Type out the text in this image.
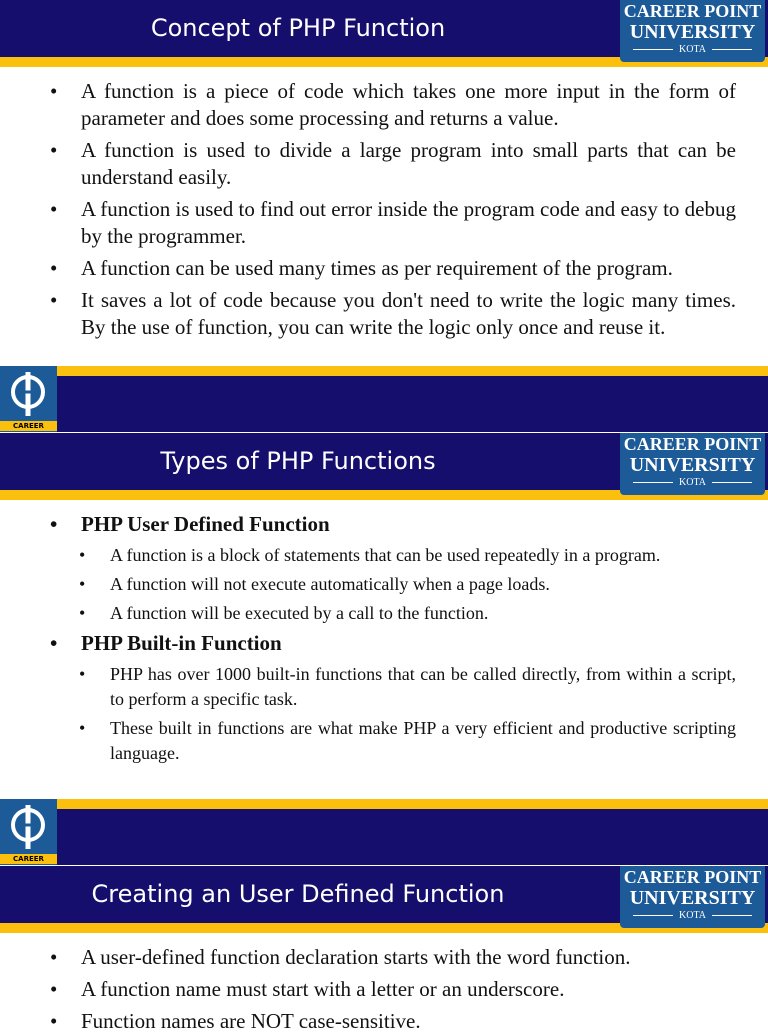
Concept of PHP Function
CAREER POINT
UNIVERSITY
KOTA
• A function is a piece of code which takes one more input in the form of parameter and does some processing and returns a value.
• A function is used to divide a large program into small parts that can be understand easily.
• A function is used to find out error inside the program code and easy to debug by the programmer.
• A function can be used many times as per requirement of the program.
• It saves a lot of code because you don't need to write the logic many times. By the use of function, you can write the logic only once and reuse it.
CAREER
Types of PHP Functions
CAREER POINT
UNIVERSITY
KOTA
• PHP User Defined Function
• A function is a block of statements that can be used repeatedly in a program.
• A function will not execute automatically when a page loads.
• A function will be executed by a call to the function.
• PHP Built-in Function
• PHP has over 1000 built-in functions that can be called directly, from within a script, to perform a specific task.
• These built in functions are what make PHP a very efficient and productive scripting language.
CAREER
Creating an User Defined Function
CAREER POINT
UNIVERSITY
KOTA
• A user-defined function declaration starts with the word function.
• A function name must start with a letter or an underscore.
• Function names are NOT case-sensitive.
